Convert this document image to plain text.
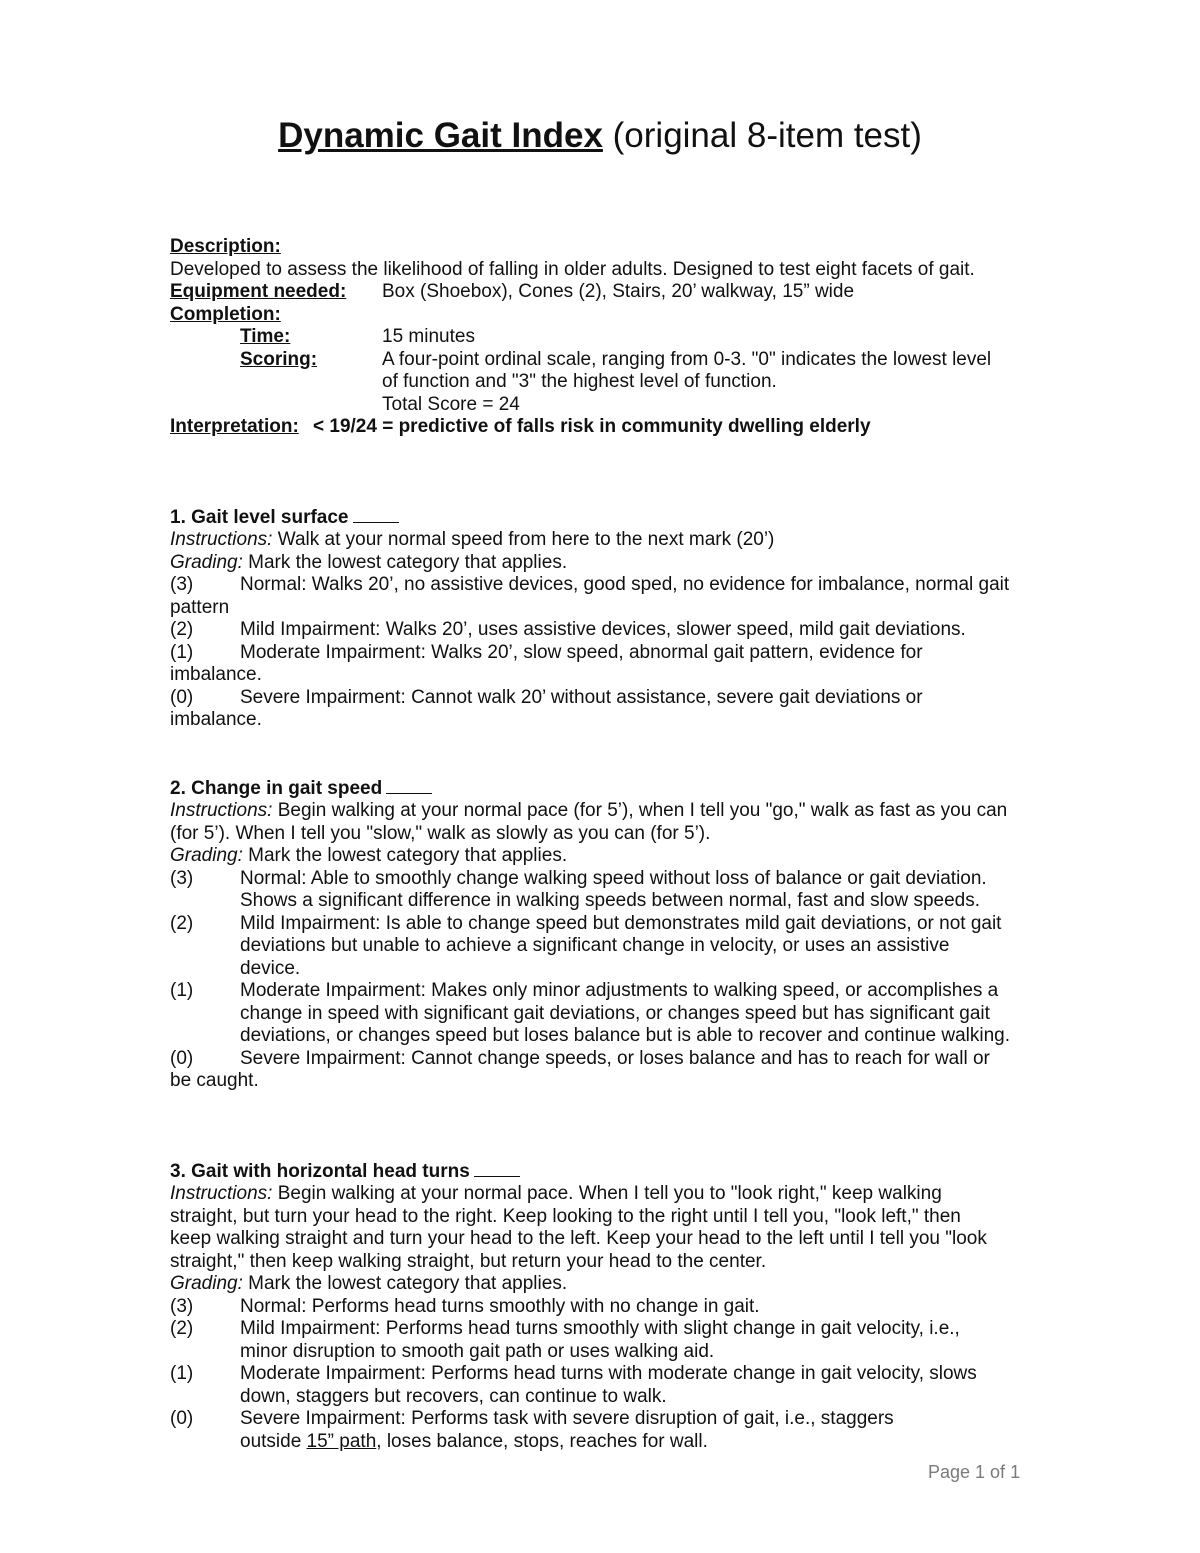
Dynamic Gait Index (original 8-item test)
Description:
Developed to assess the likelihood of falling in older adults. Designed to test eight facets of gait.
Equipment needed:	Box (Shoebox), Cones (2), Stairs, 20’ walkway, 15” wide
Completion:
Time:	15 minutes
Scoring:	A four-point ordinal scale, ranging from 0-3. "0" indicates the lowest level
of function and "3" the highest level of function.
Total Score = 24
Interpretation: < 19/24 = predictive of falls risk in community dwelling elderly
1. Gait level surface
Instructions: Walk at your normal speed from here to the next mark (20’)
Grading: Mark the lowest category that applies.
(3)	Normal: Walks 20’, no assistive devices, good sped, no evidence for imbalance, normal gait
pattern
(2)	Mild Impairment: Walks 20’, uses assistive devices, slower speed, mild gait deviations.
(1)	Moderate Impairment: Walks 20’, slow speed, abnormal gait pattern, evidence for
imbalance.
(0)	Severe Impairment: Cannot walk 20’ without assistance, severe gait deviations or
imbalance.
2. Change in gait speed
Instructions: Begin walking at your normal pace (for 5’), when I tell you "go," walk as fast as you can
(for 5’). When I tell you "slow," walk as slowly as you can (for 5’).
Grading: Mark the lowest category that applies.
(3)	Normal: Able to smoothly change walking speed without loss of balance or gait deviation.
Shows a significant difference in walking speeds between normal, fast and slow speeds.
(2)	Mild Impairment: Is able to change speed but demonstrates mild gait deviations, or not gait
deviations but unable to achieve a significant change in velocity, or uses an assistive
device.
(1)	Moderate Impairment: Makes only minor adjustments to walking speed, or accomplishes a
change in speed with significant gait deviations, or changes speed but has significant gait
deviations, or changes speed but loses balance but is able to recover and continue walking.
(0)	Severe Impairment: Cannot change speeds, or loses balance and has to reach for wall or
be caught.
3. Gait with horizontal head turns
Instructions: Begin walking at your normal pace. When I tell you to "look right," keep walking
straight, but turn your head to the right. Keep looking to the right until I tell you, "look left," then
keep walking straight and turn your head to the left. Keep your head to the left until I tell you "look
straight," then keep walking straight, but return your head to the center.
Grading: Mark the lowest category that applies.
(3)	Normal: Performs head turns smoothly with no change in gait.
(2)	Mild Impairment: Performs head turns smoothly with slight change in gait velocity, i.e.,
minor disruption to smooth gait path or uses walking aid.
(1)	Moderate Impairment: Performs head turns with moderate change in gait velocity, slows
down, staggers but recovers, can continue to walk.
(0)	Severe Impairment: Performs task with severe disruption of gait, i.e., staggers
outside 15” path, loses balance, stops, reaches for wall.
Page 1 of 1
